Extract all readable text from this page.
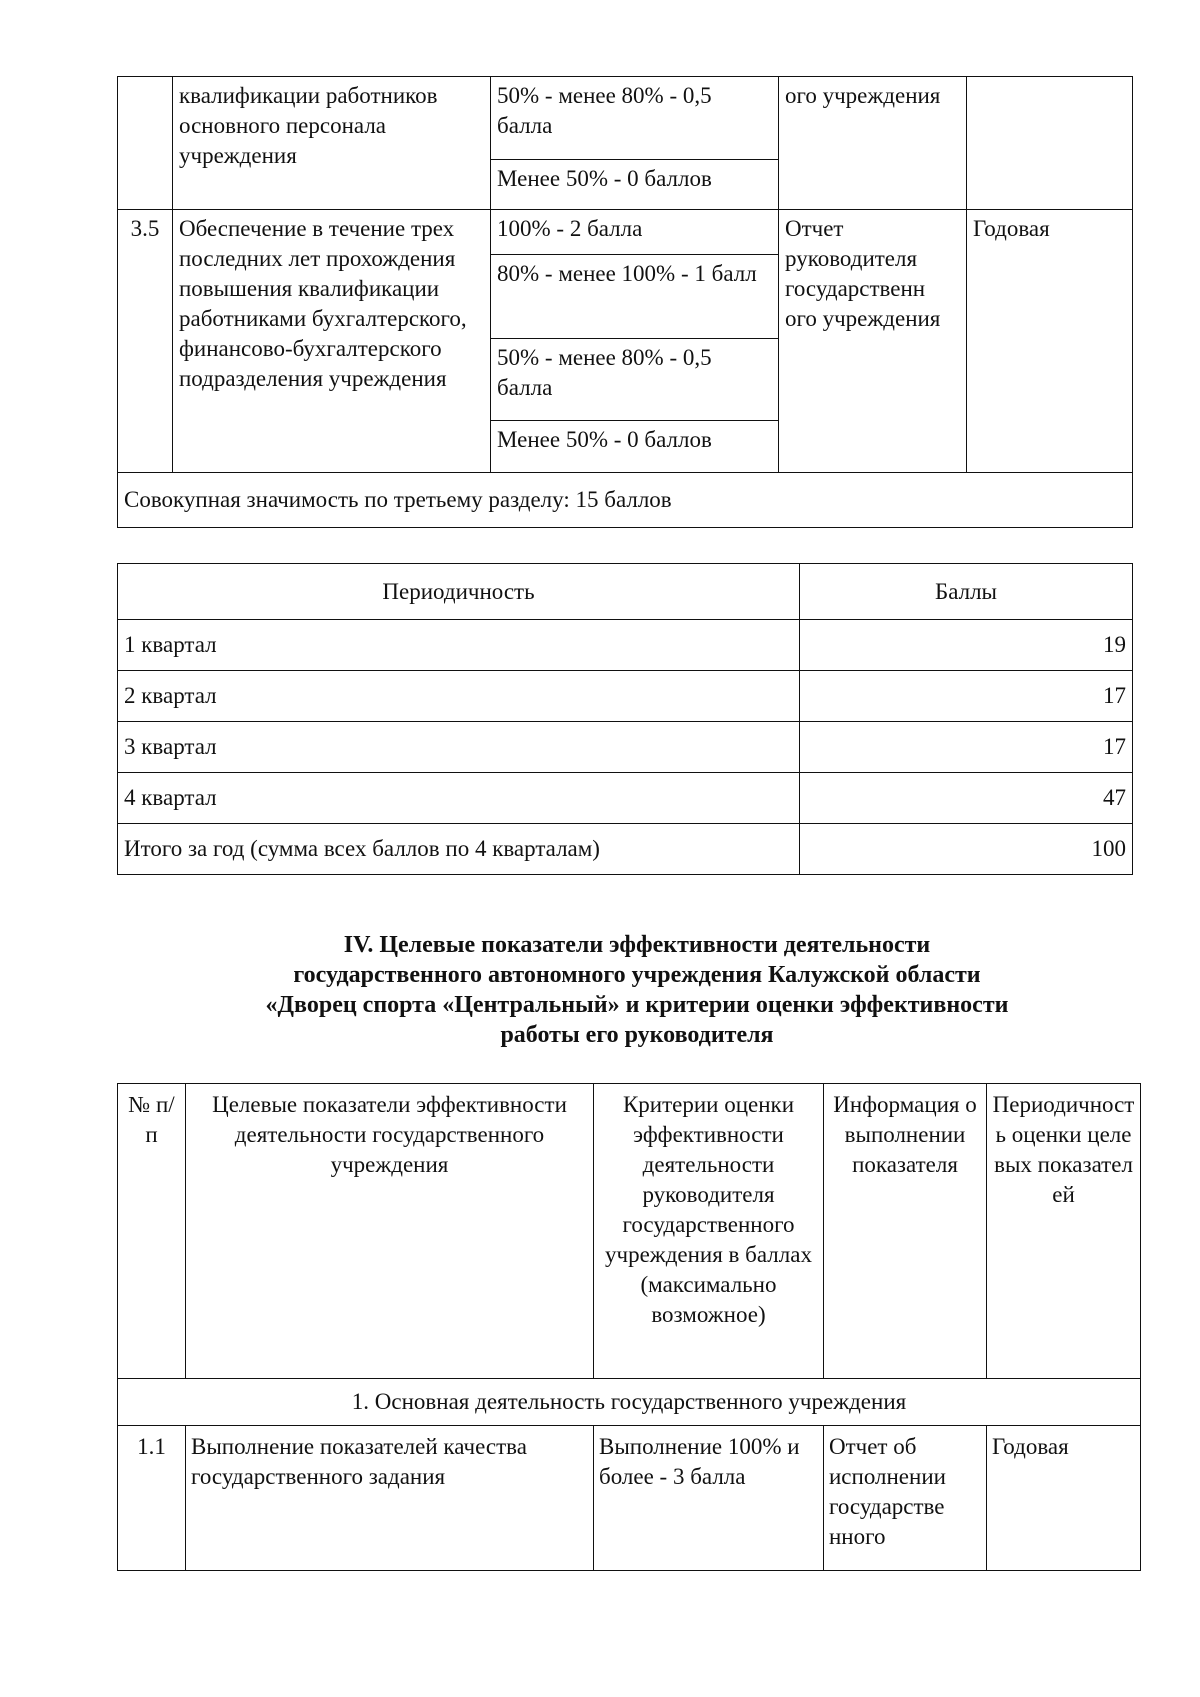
	квалификации работников основного персонала учреждения	50% - менее 80% - 0,5 балла	ого учреждения	
		Менее 50% - 0 баллов		
3.5	Обеспечение в течение трех последних лет прохождения повышения квалификации работниками бухгалтерского, финансово-бухгалтерского подразделения учреждения	100% - 2 балла	Отчет руководителя государственн ого учреждения	Годовая
		80% - менее 100% - 1 балл		
		50% - менее 80% - 0,5 балла		
		Менее 50% - 0 баллов		
Совокупная значимость по третьему разделу: 15 баллов				
Периодичность	Баллы
1 квартал	19
2 квартал	17
3 квартал	17
4 квартал	47
Итого за год (сумма всех баллов по 4 кварталам)	100
IV. Целевые показатели эффективности деятельности
государственного автономного учреждения Калужской области
«Дворец спорта «Центральный» и критерии оценки эффективности
работы его руководителя
№ п/п	Целевые показатели эффективности деятельности государственного учреждения	Критерии оценки эффективности деятельности руководителя государственного учреждения в баллах (максимально возможное)	Информация о выполнении показателя	Периодичность оценки целевых показателей
1. Основная деятельность государственного учреждения				
1.1	Выполнение показателей качества государственного задания	Выполнение 100% и более - 3 балла	Отчет об исполнении государстве нного	Годовая
